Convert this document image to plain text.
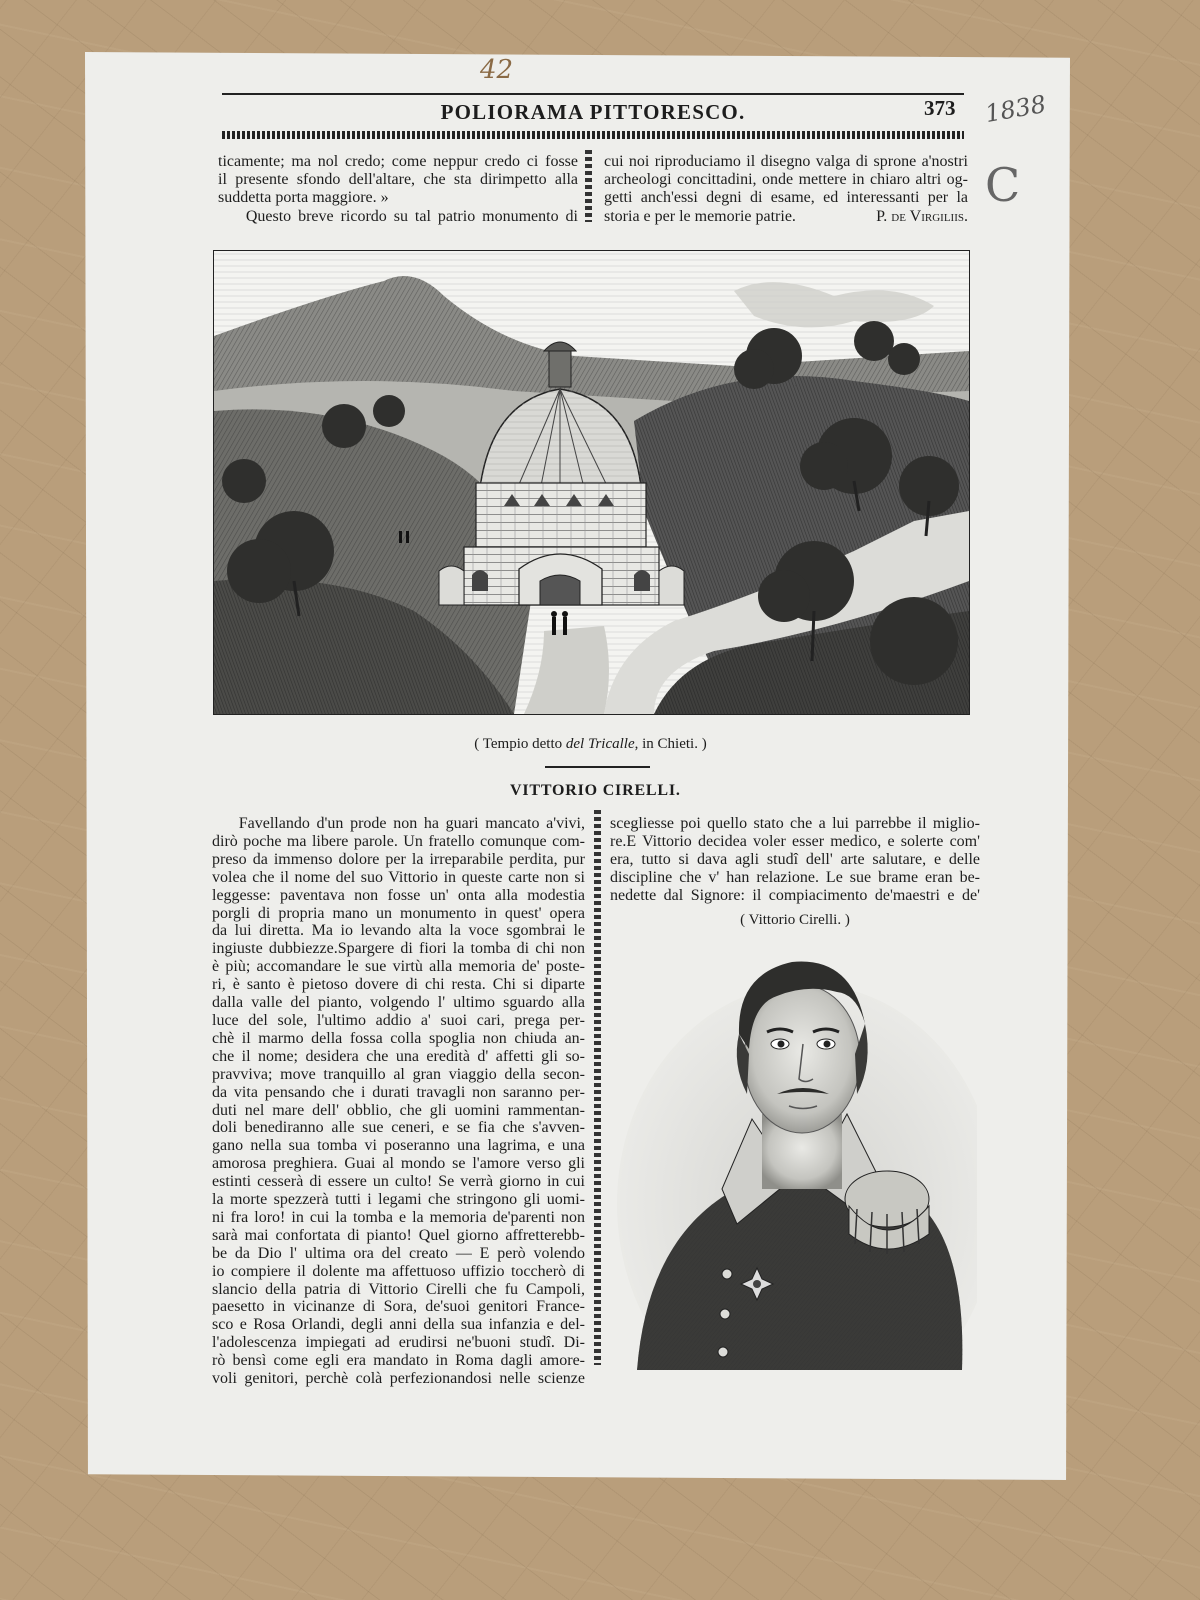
42
1838
C
POLIORAMA PITTORESCO.	373
ticamente; ma nol credo; come neppur credo ci fosse
il presente sfondo dell'altare, che sta dirimpetto alla
suddetta porta maggiore. »
Questo breve ricordo su tal patrio monumento di
cui noi riproduciamo il disegno valga di sprone a'nostri
archeologi concittadini, onde mettere in chiaro altri og-
getti anch'essi degni di esame, ed interessanti per la
storia e per le memorie patrie.	P. de Virgiliis.
( Tempio detto del Tricalle, in Chieti. )
VITTORIO CIRELLI.
Favellando d'un prode non ha guari mancato a'vivi,
dirò poche ma libere parole. Un fratello comunque com-
preso da immenso dolore per la irreparabile perdita, pur
volea che il nome del suo Vittorio in queste carte non si
leggesse: paventava non fosse un' onta alla modestia
porgli di propria mano un monumento in quest' opera
da lui diretta. Ma io levando alta la voce sgombrai le
ingiuste dubbiezze.Spargere di fiori la tomba di chi non
è più; accomandare le sue virtù alla memoria de' poste-
ri, è santo è pietoso dovere di chi resta. Chi si diparte
dalla valle del pianto, volgendo l' ultimo sguardo alla
luce del sole, l'ultimo addio a' suoi cari, prega per-
chè il marmo della fossa colla spoglia non chiuda an-
che il nome; desidera che una eredità d' affetti gli so-
pravviva; move tranquillo al gran viaggio della secon-
da vita pensando che i durati travagli non saranno per-
duti nel mare dell' obblio, che gli uomini rammentan-
doli benediranno alle sue ceneri, e se fia che s'avven-
gano nella sua tomba vi poseranno una lagrima, e una
amorosa preghiera. Guai al mondo se l'amore verso gli
estinti cesserà di essere un culto! Se verrà giorno in cui
la morte spezzerà tutti i legami che stringono gli uomi-
ni fra loro! in cui la tomba e la memoria de'parenti non
sarà mai confortata di pianto! Quel giorno affretterebb-
be da Dio l' ultima ora del creato — E però volendo
io compiere il dolente ma affettuoso uffizio toccherò di
slancio della patria di Vittorio Cirelli che fu Campoli,
paesetto in vicinanze di Sora, de'suoi genitori France-
sco e Rosa Orlandi, degli anni della sua infanzia e del-
l'adolescenza impiegati ad erudirsi ne'buoni studî. Di-
rò bensì come egli era mandato in Roma dagli amore-
voli genitori, perchè colà perfezionandosi nelle scienze
scegliesse poi quello stato che a lui parrebbe il miglio-
re.E Vittorio decidea voler esser medico, e solerte com'
era, tutto si dava agli studî dell' arte salutare, e delle
discipline che v' han relazione. Le sue brame eran be-
nedette dal Signore: il compiacimento de'maestri e de'
( Vittorio Cirelli. )
